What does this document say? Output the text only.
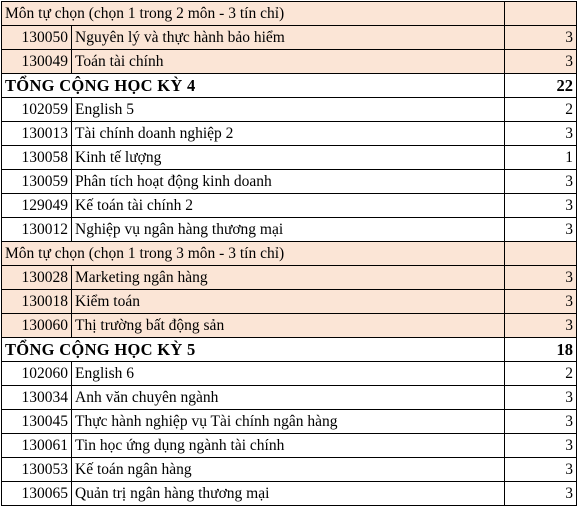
Môn tự chọn (chọn 1 trong 2 môn - 3 tín chỉ)		
130050	Nguyên lý và thực hành bảo hiểm	3
130049	Toán tài chính	3
TỔNG CỘNG HỌC KỲ 4		22
102059	English 5	2
130013	Tài chính doanh nghiệp 2	3
130058	Kinh tế lượng	1
130059	Phân tích hoạt động kinh doanh	3
129049	Kế toán tài chính 2	3
130012	Nghiệp vụ ngân hàng thương mại	3
Môn tự chọn (chọn 1 trong 3 môn - 3 tín chỉ)		
130028	Marketing ngân hàng	3
130018	Kiểm toán	3
130060	Thị trường bất động sản	3
TỔNG CỘNG HỌC KỲ 5		18
102060	English 6	2
130034	Anh văn chuyên ngành	3
130045	Thực hành nghiệp vụ Tài chính ngân hàng	3
130061	Tin học ứng dụng ngành tài chính	3
130053	Kế toán ngân hàng	3
130065	Quản trị ngân hàng thương mại	3
